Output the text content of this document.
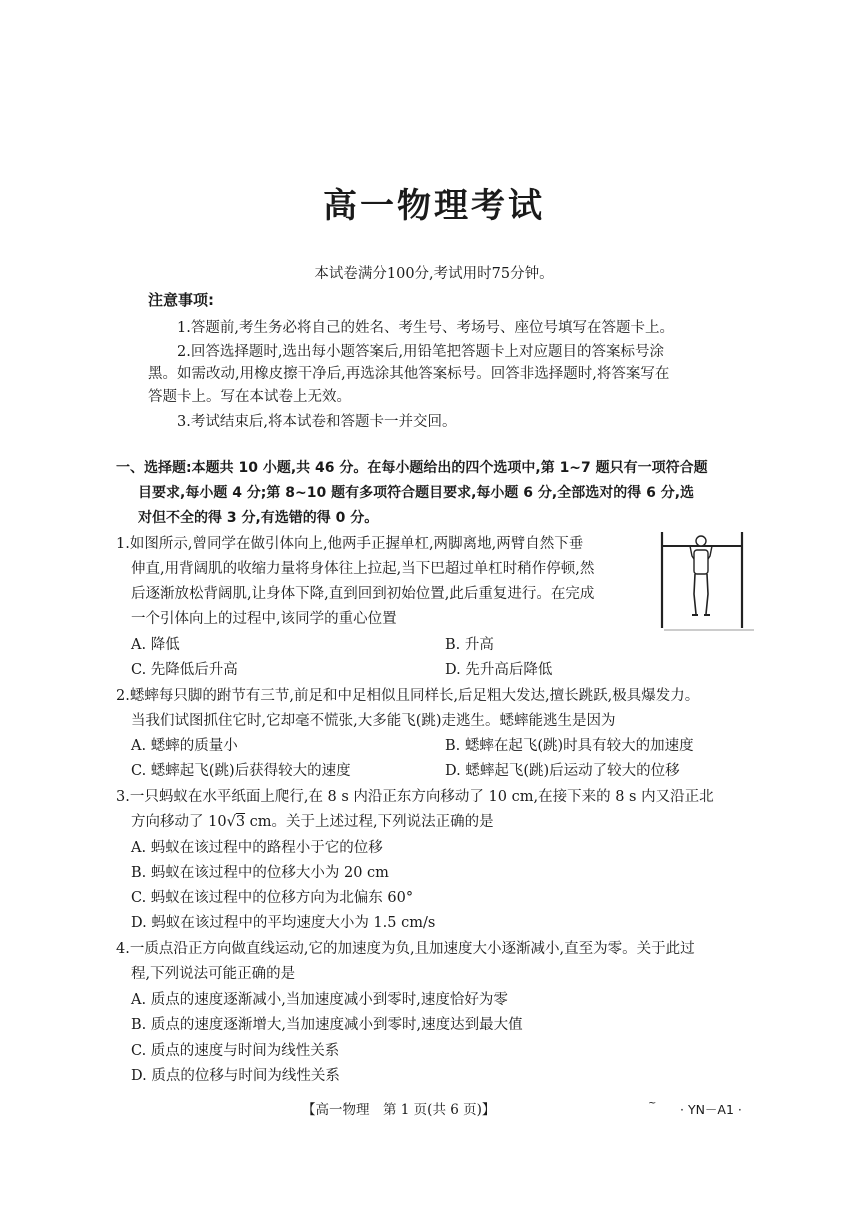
高一物理考试
本试卷满分100分,考试用时75分钟。
注意事项:
1.答题前,考生务必将自己的姓名、考生号、考场号、座位号填写在答题卡上。
2.回答选择题时,选出每小题答案后,用铅笔把答题卡上对应题目的答案标号涂
黑。如需改动,用橡皮擦干净后,再选涂其他答案标号。回答非选择题时,将答案写在
答题卡上。写在本试卷上无效。
3.考试结束后,将本试卷和答题卡一并交回。
一、选择题:本题共 10 小题,共 46 分。在每小题给出的四个选项中,第 1~7 题只有一项符合题
目要求,每小题 4 分;第 8~10 题有多项符合题目要求,每小题 6 分,全部选对的得 6 分,选
对但不全的得 3 分,有选错的得 0 分。
1.如图所示,曾同学在做引体向上,他两手正握单杠,两脚离地,两臂自然下垂
伸直,用背阔肌的收缩力量将身体往上拉起,当下巴超过单杠时稍作停顿,然
后逐渐放松背阔肌,让身体下降,直到回到初始位置,此后重复进行。在完成
一个引体向上的过程中,该同学的重心位置
A. 降低	B. 升高
C. 先降低后升高	D. 先升高后降低
2.蟋蟀每只脚的跗节有三节,前足和中足相似且同样长,后足粗大发达,擅长跳跃,极具爆发力。
当我们试图抓住它时,它却毫不慌张,大多能飞(跳)走逃生。蟋蟀能逃生是因为
A. 蟋蟀的质量小	B. 蟋蟀在起飞(跳)时具有较大的加速度
C. 蟋蟀起飞(跳)后获得较大的速度	D. 蟋蟀起飞(跳)后运动了较大的位移
3.一只蚂蚁在水平纸面上爬行,在 8 s 内沿正东方向移动了 10 cm,在接下来的 8 s 内又沿正北
方向移动了 10√3 cm。关于上述过程,下列说法正确的是
A. 蚂蚁在该过程中的路程小于它的位移
B. 蚂蚁在该过程中的位移大小为 20 cm
C. 蚂蚁在该过程中的位移方向为北偏东 60°
D. 蚂蚁在该过程中的平均速度大小为 1.5 cm/s
4.一质点沿正方向做直线运动,它的加速度为负,且加速度大小逐渐减小,直至为零。关于此过
程,下列说法可能正确的是
A. 质点的速度逐渐减小,当加速度减小到零时,速度恰好为零
B. 质点的速度逐渐增大,当加速度减小到零时,速度达到最大值
C. 质点的速度与时间为线性关系
D. 质点的位移与时间为线性关系
【高一物理　第 1 页(共 6 页)】	~ · YN－A1 ·
